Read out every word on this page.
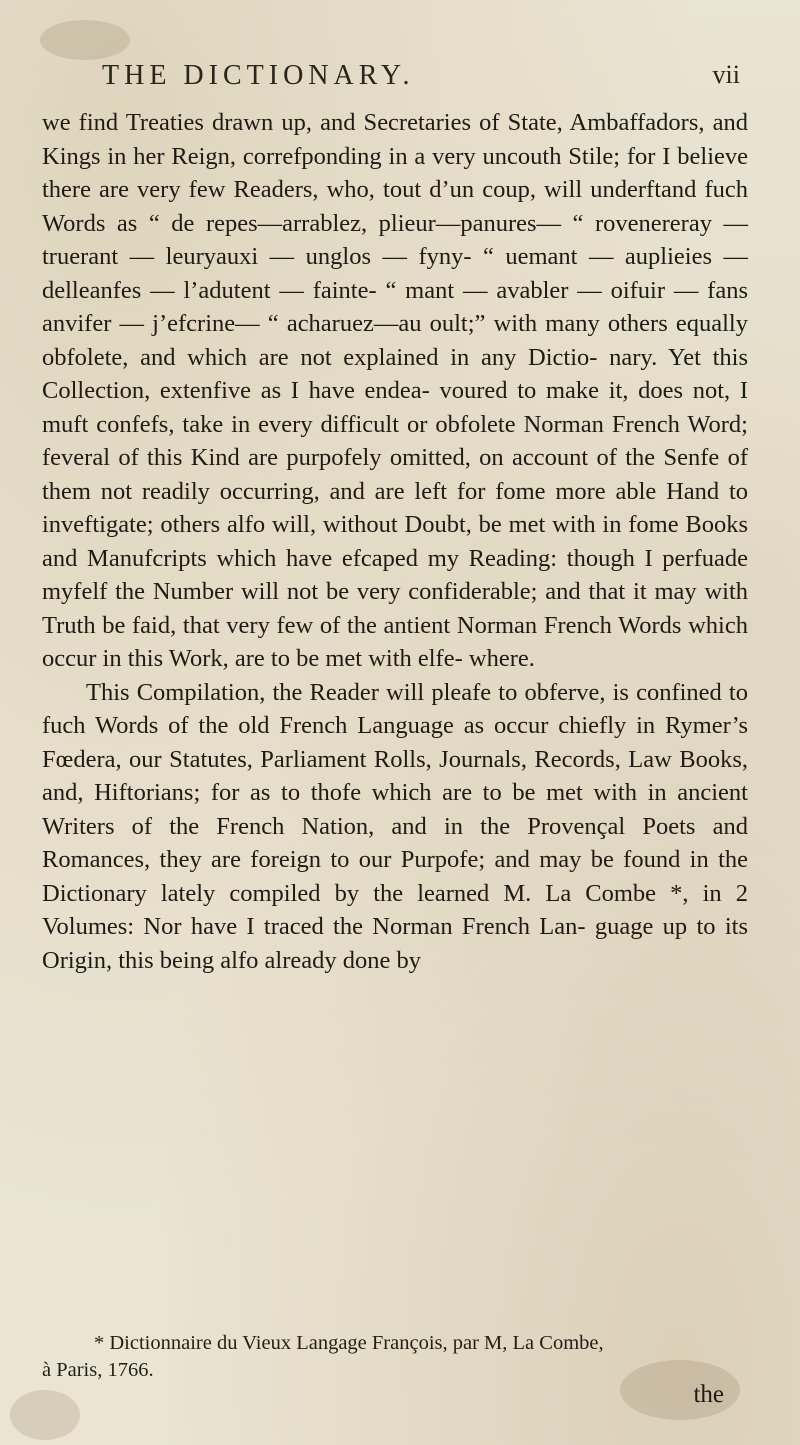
THE DICTIONARY.	vii

we find Treaties drawn up, and Secretaries of State, Ambaffadors, and Kings in her Reign, correfponding in a very uncouth Stile; for I believe there are very few Readers, who, tout d’un coup, will underftand fuch Words as “ de repes—arrablez, plieur—panures— “ rovenereray — truerant — leuryauxi — unglos — fyny- “ uemant — auplieies — delleanfes — l’adutent — fainte- “ mant — avabler — oifuir — fans anvifer — j’efcrine— “ acharuez—au oult;” with many others equally obfolete, and which are not explained in any Dictio- nary. Yet this Collection, extenfive as I have endea- voured to make it, does not, I muft confefs, take in every difficult or obfolete Norman French Word; feveral of this Kind are purpofely omitted, on account of the Senfe of them not readily occurring, and are left for fome more able Hand to inveftigate; others alfo will, without Doubt, be met with in fome Books and Manufcripts which have efcaped my Reading: though I perfuade myfelf the Number will not be very confiderable; and that it may with Truth be faid, that very few of the antient Norman French Words which occur in this Work, are to be met with elfe- where.

This Compilation, the Reader will pleafe to obferve, is confined to fuch Words of the old French Language as occur chiefly in Rymer’s Fœdera, our Statutes, Parliament Rolls, Journals, Records, Law Books, and, Hiftorians; for as to thofe which are to be met with in ancient Writers of the French Nation, and in the Provençal Poets and Romances, they are foreign to our Purpofe; and may be found in the Dictionary lately compiled by the learned M. La Combe *, in 2 Volumes: Nor have I traced the Norman French Lan- guage up to its Origin, this being alfo already done by

* Dictionnaire du Vieux Langage François, par M, La Combe,
à Paris, 1766.
the
